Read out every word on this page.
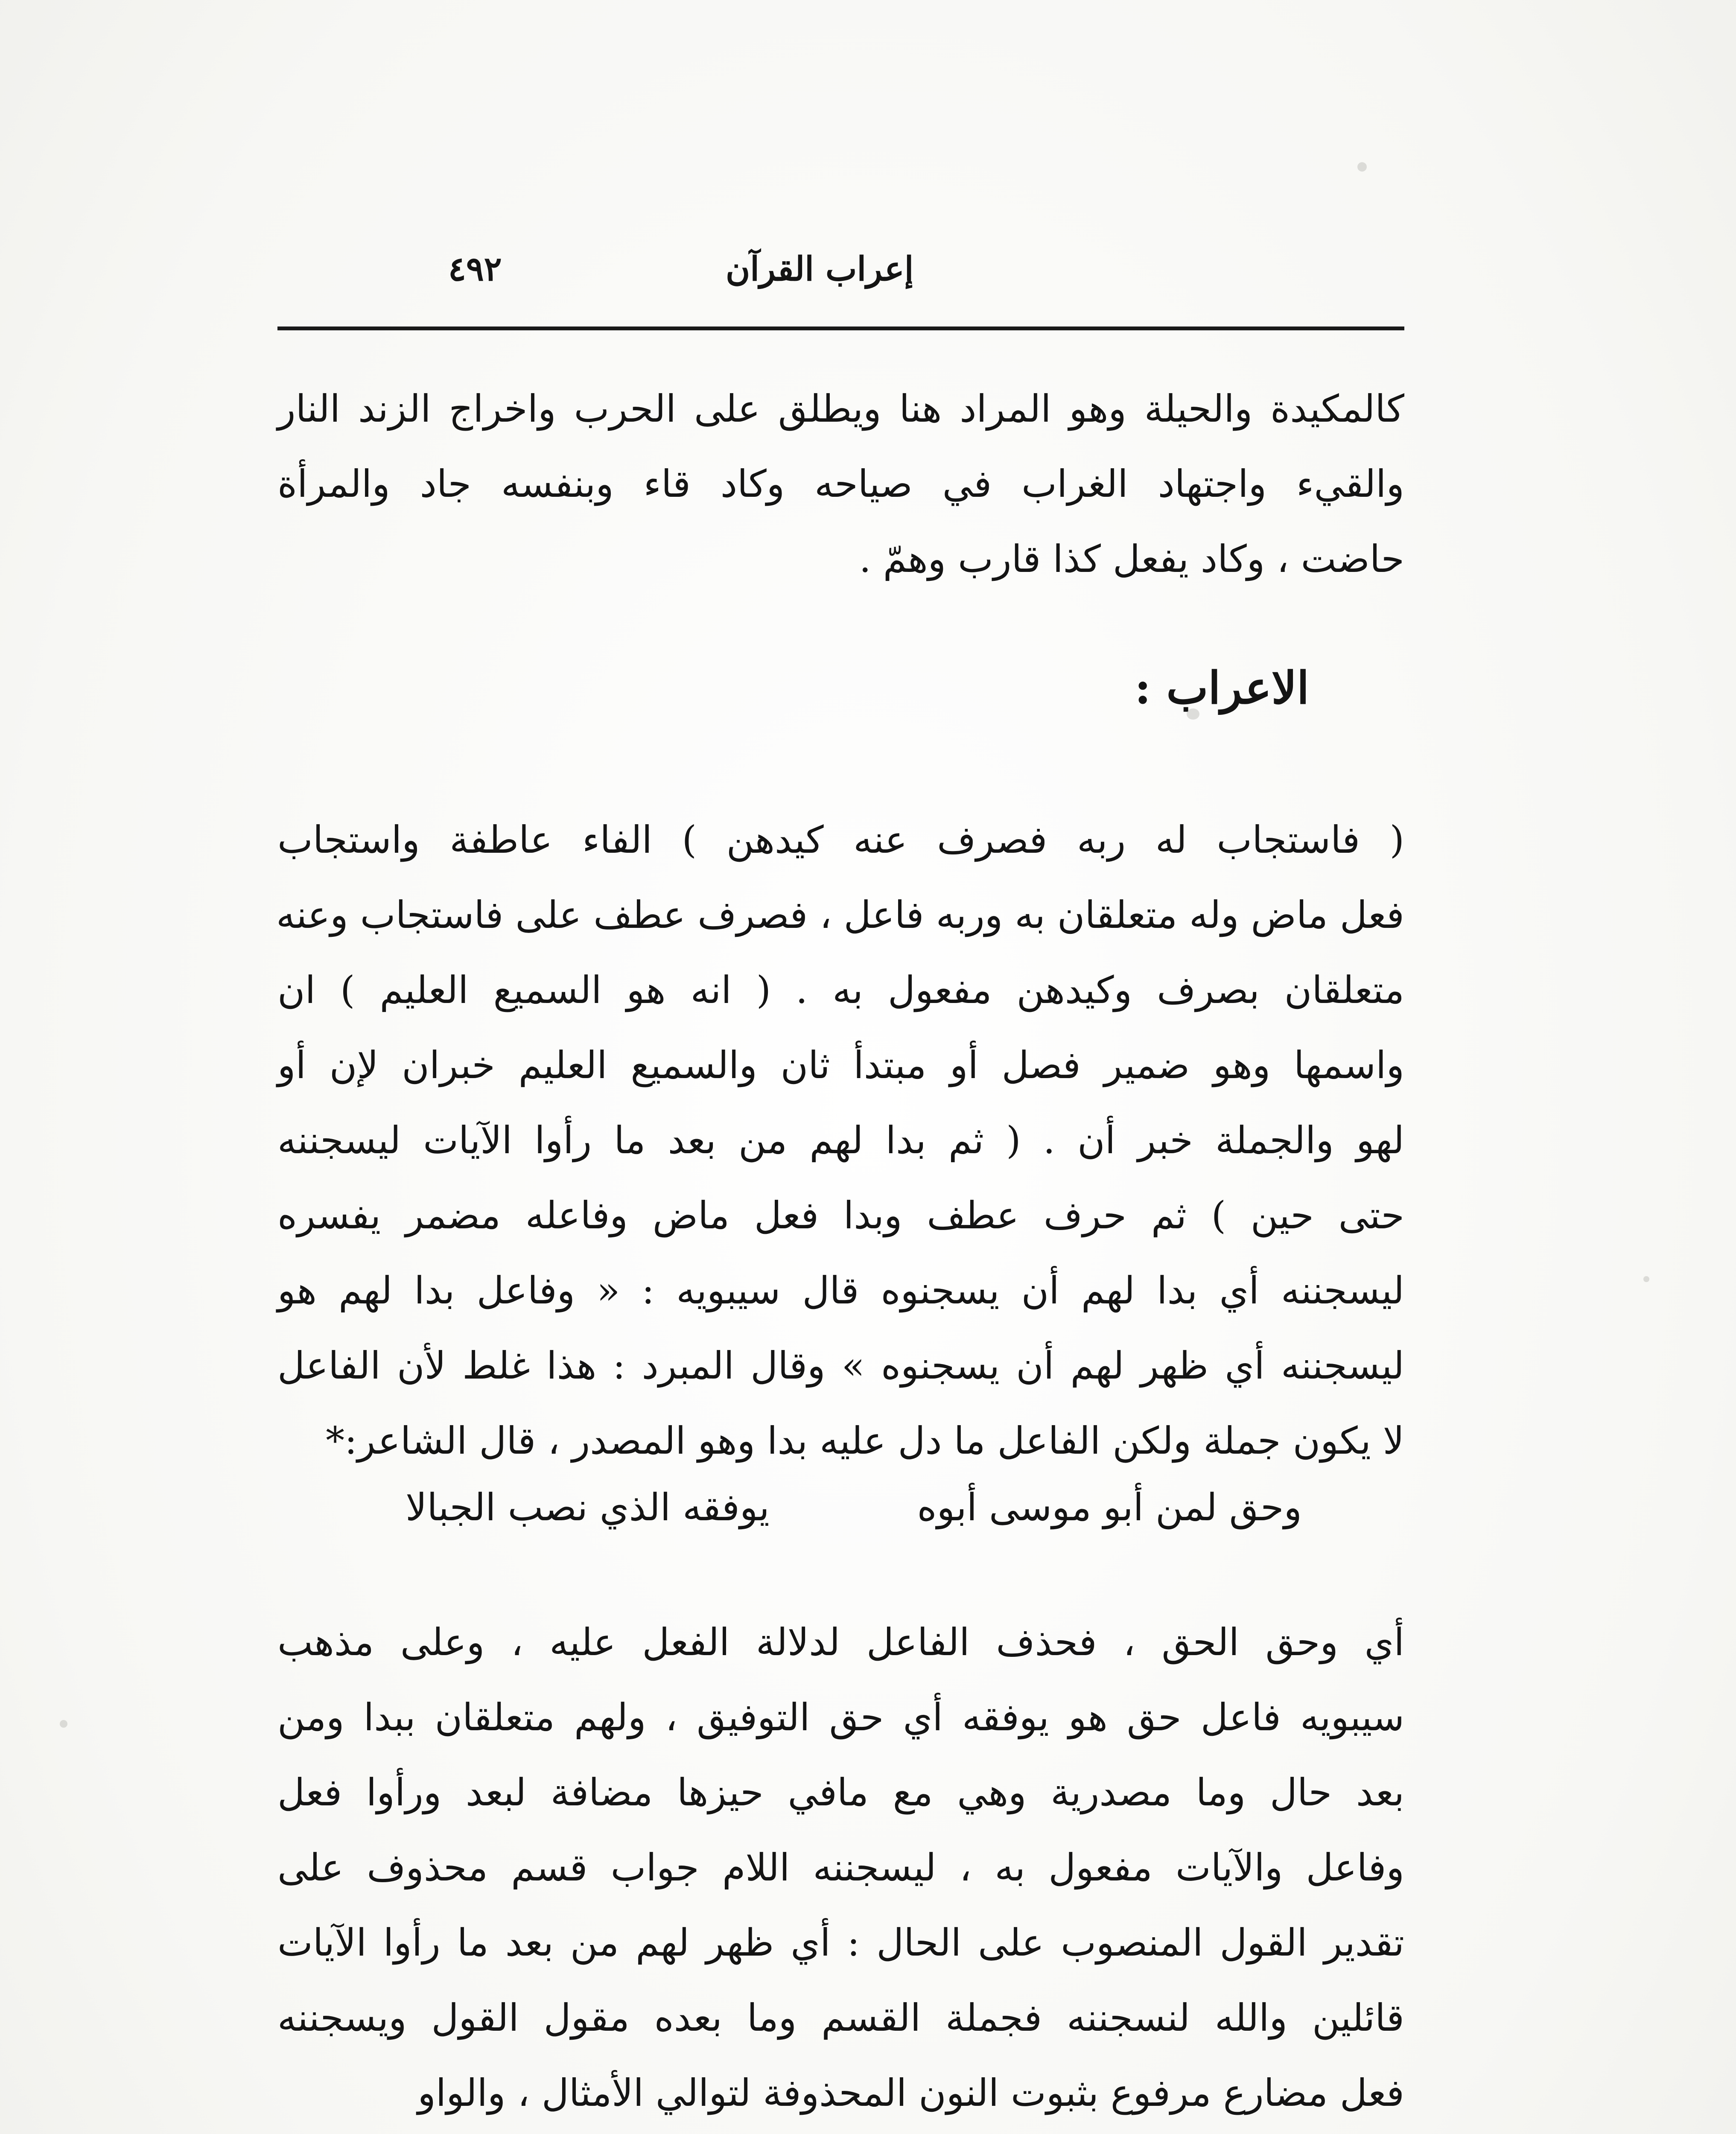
٤٩٢	إعراب القرآن
كالمكيدة والحيلة وهو المراد هنا ويطلق على الحرب واخراج الزند النار
والقيء واجتهاد الغراب في صياحه وكاد قاء وبنفسه جاد والمرأة
حاضت ، وكاد يفعل كذا قارب وهمّ .
الاعراب :
( فاستجاب له ربه فصرف عنه كيدهن ) الفاء عاطفة واستجاب
فعل ماض وله متعلقان به وربه فاعل ، فصرف عطف على فاستجاب وعنه
متعلقان بصرف وكيدهن مفعول به . ( انه هو السميع العليم ) ان
واسمها وهو ضمير فصل أو مبتدأ ثان والسميع العليم خبران لإن أو
لهو والجملة خبر أن . ( ثم بدا لهم من بعد ما رأوا الآيات ليسجننه
حتى حين ) ثم حرف عطف وبدا فعل ماض وفاعله مضمر يفسره
ليسجننه أي بدا لهم أن يسجنوه قال سيبويه : « وفاعل بدا لهم هو
ليسجننه أي ظهر لهم أن يسجنوه » وقال المبرد : هذا غلط لأن الفاعل
لا يكون جملة ولكن الفاعل ما دل عليه بدا وهو المصدر ، قال الشاعر:*
وحق لمن أبو موسى أبوه
يوفقه الذي نصب الجبالا
أي وحق الحق ، فحذف الفاعل لدلالة الفعل عليه ، وعلى مذهب
سيبويه فاعل حق هو يوفقه أي حق التوفيق ، ولهم متعلقان ببدا ومن
بعد حال وما مصدرية وهي مع مافي حيزها مضافة لبعد ورأوا فعل
وفاعل والآيات مفعول به ، ليسجننه اللام جواب قسم محذوف على
تقدير القول المنصوب على الحال : أي ظهر لهم من بعد ما رأوا الآيات
قائلين والله لنسجننه فجملة القسم وما بعده مقول القول ويسجننه
فعل مضارع مرفوع بثبوت النون المحذوفة لتوالي الأمثال ، والواو
